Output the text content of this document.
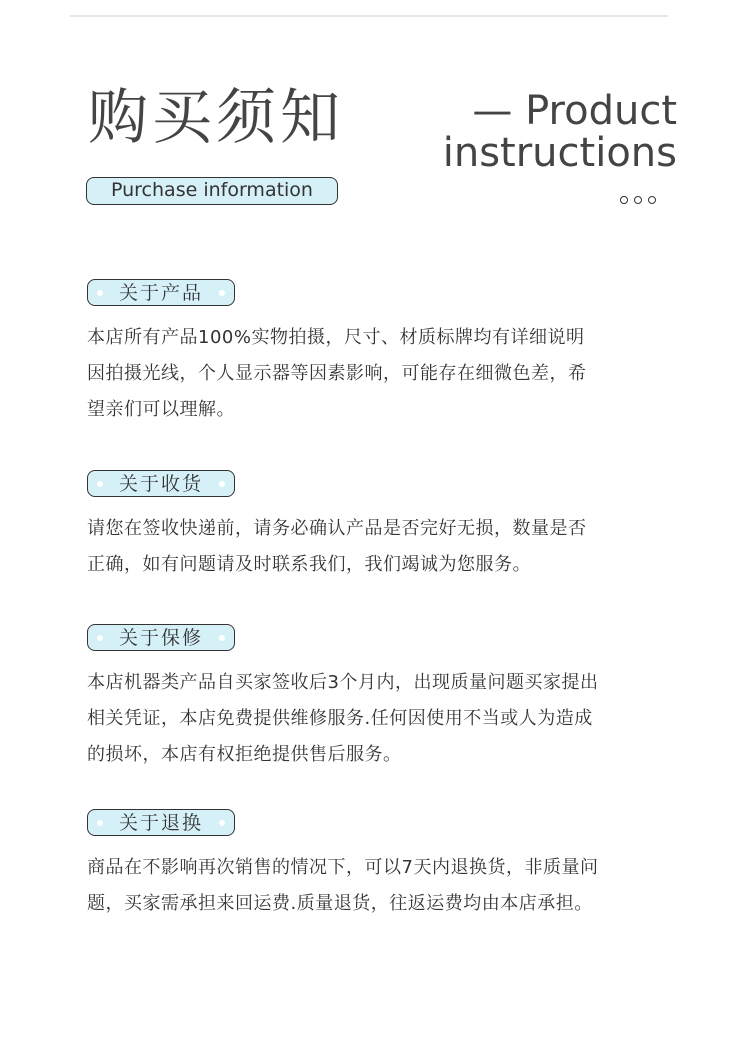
购买须知	— Product
instructions
Purchase information
关于产品
本店所有产品100%实物拍摄，尺寸、材质标牌均有详细说明
因拍摄光线，个人显示器等因素影响，可能存在细微色差，希
望亲们可以理解。
关于收货
请您在签收快递前，请务必确认产品是否完好无损，数量是否
正确，如有问题请及时联系我们，我们竭诚为您服务。
关于保修
本店机器类产品自买家签收后3个月内，出现质量问题买家提出
相关凭证，本店免费提供维修服务.任何因使用不当或人为造成
的损坏，本店有权拒绝提供售后服务。
关于退换
商品在不影响再次销售的情况下，可以7天内退换货，非质量问
题，买家需承担来回运费.质量退货，往返运费均由本店承担。
